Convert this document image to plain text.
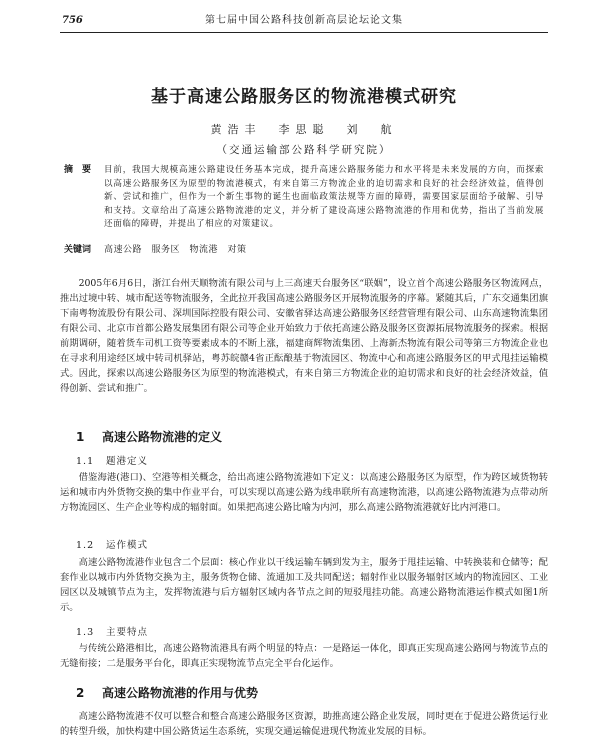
756	第七届中国公路科技创新高层论坛论文集
基于高速公路服务区的物流港模式研究
黄浩丰　李思聪　刘　航
（交通运输部公路科学研究院）
摘　要 目前，我国大规模高速公路建设任务基本完成，提升高速公路服务能力和水平将是未来发展的方向，而探索以高速公路服务区为原型的物流港模式，有来自第三方物流企业的迫切需求和良好的社会经济效益，值得创新、尝试和推广，但作为一个新生事物的诞生也面临政策法规等方面的障碍，需要国家层面给予破解、引导和支持。文章给出了高速公路物流港的定义，并分析了建设高速公路物流港的作用和优势，指出了当前发展还面临的障碍，并提出了相应的对策建议。
关键词 高速公路　服务区　物流港　对策
2005年6月6日，浙江台州天顺物流有限公司与上三高速天台服务区“联姻”，设立首个高速公路服务区物流网点，推出过境中转、城市配送等物流服务，全此拉开我国高速公路服务区开展物流服务的序幕。紧随其后，广东交通集团旗下南粤物流股份有限公司、深圳国际控股有限公司、安徽省驿达高速公路服务区经营管理有限公司、山东高速物流集团有限公司、北京市首都公路发展集团有限公司等企业开始致力于依托高速公路及服务区资源拓展物流服务的探索。根据前期调研，随着货车司机工资等要素成本的不断上涨，福建商辉物流集团、上海新杰物流有限公司等第三方物流企业也在寻求利用途经区域中转司机驿站，粤苏皖赣4省正酝酿基于物流园区、物流中心和高速公路服务区的甲式甩挂运输模式。因此，探索以高速公路服务区为原型的物流港模式，有来自第三方物流企业的迫切需求和良好的社会经济效益，值得创新、尝试和推广。
1 高速公路物流港的定义
1.1 题港定义
借鉴海港(港口)、空港等相关概念，给出高速公路物流港如下定义：以高速公路服务区为原型，作为跨区域货物转运和城市内外货物交换的集中作业平台，可以实现以高速公路为线串联所有高速物流港，以高速公路物流港为点带动所方物流园区、生产企业等构成的辐射面。如果把高速公路比喻为内河，那么高速公路物流港就好比内河港口。
1.2 运作模式
高速公路物流港作业包含二个层面：核心作业以干线运输车辆到发为主，服务于甩挂运输、中转换装和仓储等；配套作业以城市内外货物交换为主，服务货物仓储、流通加工及共同配送；辐射作业以服务辐射区域内的物流园区、工业园区以及城镇节点为主，发挥物流港与后方辐射区域内各节点之间的短驳甩挂功能。高速公路物流港运作模式如图1所示。
1.3 主要特点
与传统公路港相比，高速公路物流港具有两个明显的特点：一是路运一体化，即真正实现高速公路网与物流节点的无缝衔接；二是服务平台化，即真正实现物流节点完全平台化运作。
2 高速公路物流港的作用与优势
高速公路物流港不仅可以整合和整合高速公路服务区资源，助推高速公路企业发展，同时更在于促进公路货运行业的转型升级，加快构建中国公路货运生态系统，实现交通运输促进现代物流业发展的目标。
